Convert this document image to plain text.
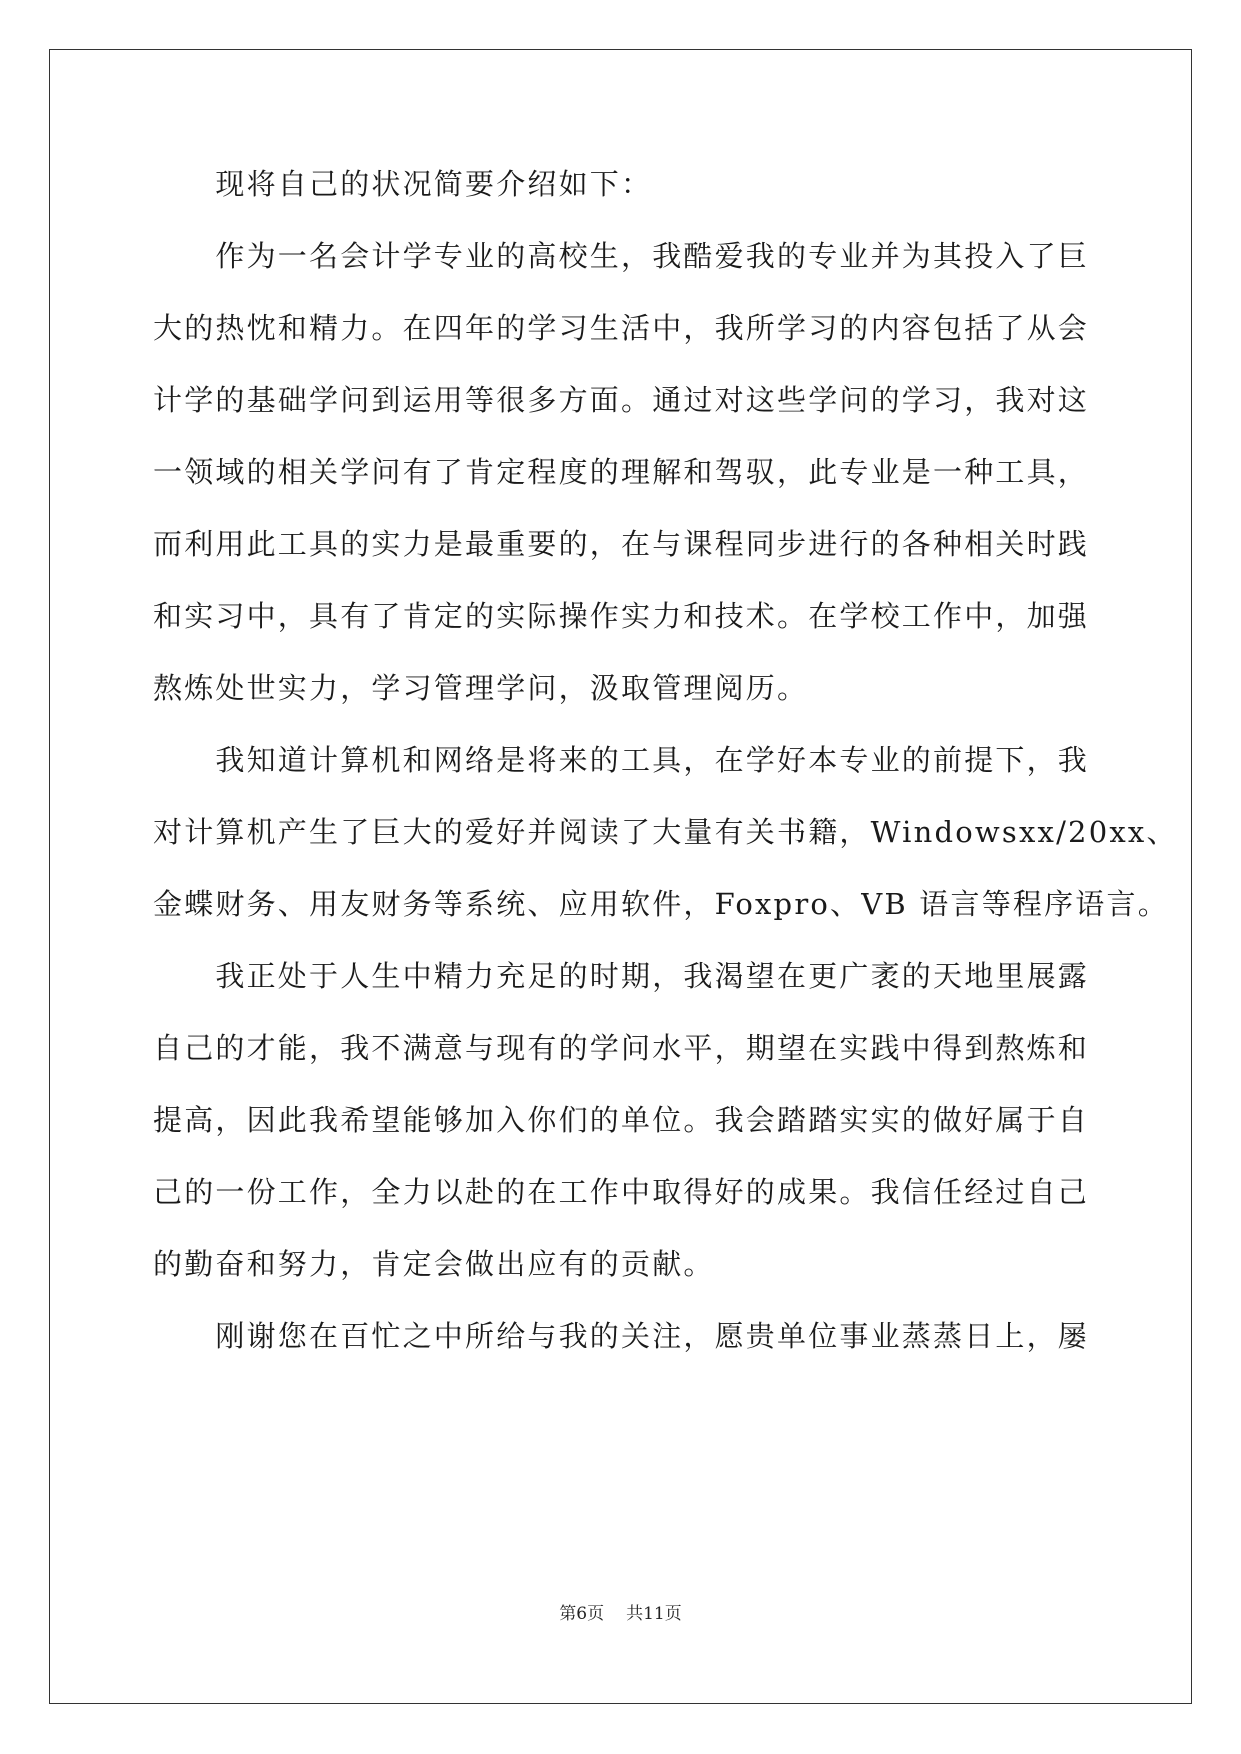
　　现将自己的状况简要介绍如下：
　　作为一名会计学专业的高校生，我酷爱我的专业并为其投入了巨
大的热忱和精力。在四年的学习生活中，我所学习的内容包括了从会
计学的基础学问到运用等很多方面。通过对这些学问的学习，我对这
一领域的相关学问有了肯定程度的理解和驾驭，此专业是一种工具，
而利用此工具的实力是最重要的，在与课程同步进行的各种相关时践
和实习中，具有了肯定的实际操作实力和技术。在学校工作中，加强
熬炼处世实力，学习管理学问，汲取管理阅历。
　　我知道计算机和网络是将来的工具，在学好本专业的前提下，我
对计算机产生了巨大的爱好并阅读了大量有关书籍，Windowsxx/20xx、
金蝶财务、用友财务等系统、应用软件，Foxpro、VB 语言等程序语言。
　　我正处于人生中精力充足的时期，我渴望在更广袤的天地里展露
自己的才能，我不满意与现有的学问水平，期望在实践中得到熬炼和
提高，因此我希望能够加入你们的单位。我会踏踏实实的做好属于自
己的一份工作，全力以赴的在工作中取得好的成果。我信任经过自己
的勤奋和努力，肯定会做出应有的贡献。
　　刚谢您在百忙之中所给与我的关注，愿贵单位事业蒸蒸日上，屡
第6页 共11页
